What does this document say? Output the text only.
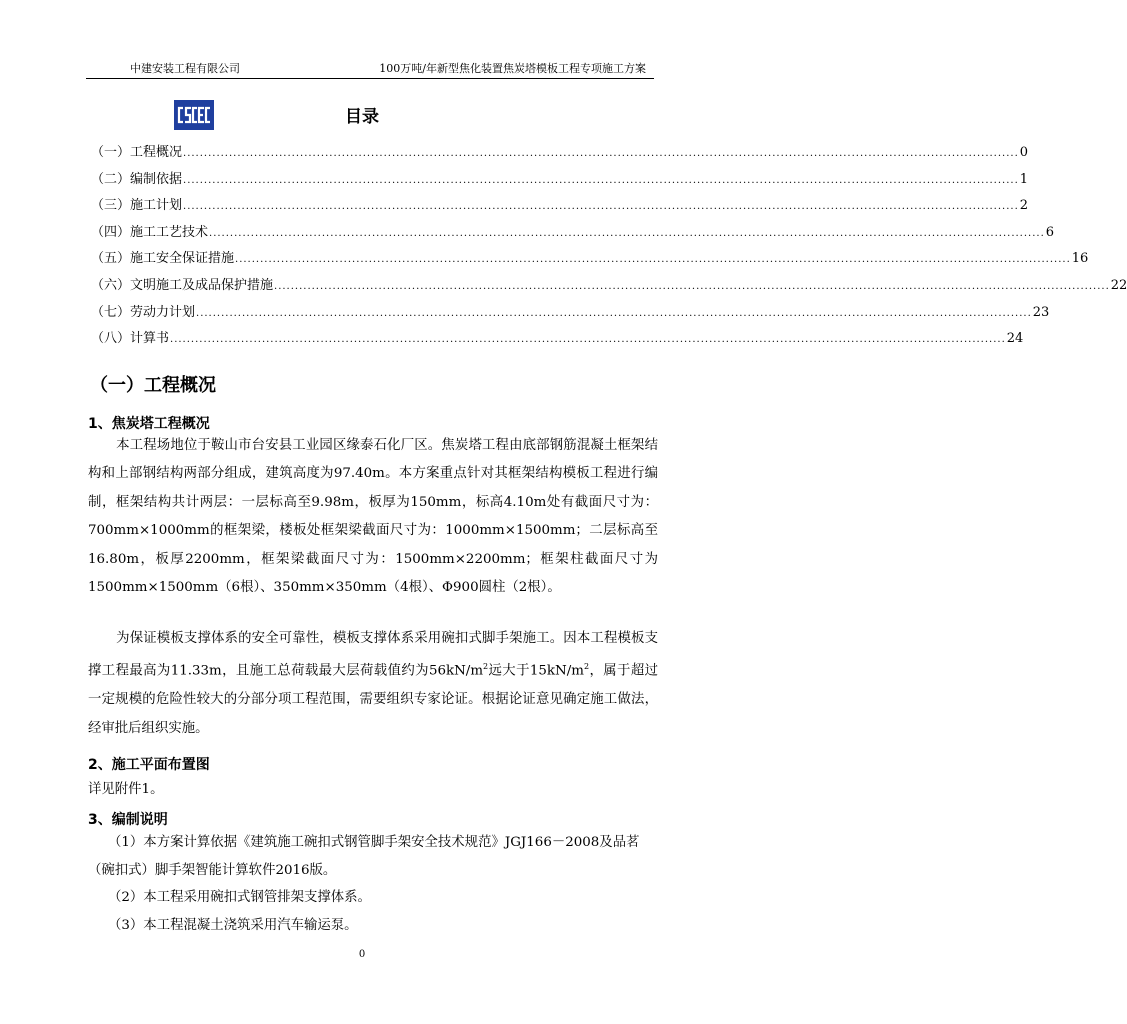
中建安装工程有限公司	100万吨/年新型焦化装置焦炭塔模板工程专项施工方案
目录
（一）工程概况 ........................................................................................................................................................................................................ 0
（二）编制依据 ........................................................................................................................................................................................................ 1
（三）施工计划 ........................................................................................................................................................................................................ 2
（四）施工工艺技术 ........................................................................................................................................................................................................ 6
（五）施工安全保证措施 ........................................................................................................................................................................................................ 16
（六）文明施工及成品保护措施 ........................................................................................................................................................................................................ 22
（七）劳动力计划 ........................................................................................................................................................................................................ 23
（八）计算书 ........................................................................................................................................................................................................ 24
（一）工程概况
1、焦炭塔工程概况
本工程场地位于鞍山市台安县工业园区缘泰石化厂区。焦炭塔工程由底部钢筋混凝土框架结构和上部钢结构两部分组成，建筑高度为97.40m。本方案重点针对其框架结构模板工程进行编制，框架结构共计两层：一层标高至9.98m，板厚为150mm，标高4.10m处有截面尺寸为：700mm×1000mm的框架梁，楼板处框架梁截面尺寸为：1000mm×1500mm；二层标高至16.80m，板厚2200mm，框架梁截面尺寸为：1500mm×2200mm；框架柱截面尺寸为1500mm×1500mm（6根）、350mm×350mm（4根）、Φ900圆柱（2根）。
为保证模板支撑体系的安全可靠性，模板支撑体系采用碗扣式脚手架施工。因本工程模板支撑工程最高为11.33m，且施工总荷载最大层荷载值约为$56kN/m^2$远大于$15kN/m^2$，属于超过一定规模的危险性较大的分部分项工程范围，需要组织专家论证。根据论证意见确定施工做法，经审批后组织实施。
2、施工平面布置图
详见附件1。
3、编制说明

（1）本方案计算依据《建筑施工碗扣式钢管脚手架安全技术规范》JGJ166－2008及品茗（碗扣式）脚手架智能计算软件2016版。

（2）本工程采用碗扣式钢管排架支撑体系。

（3）本工程混凝土浇筑采用汽车输运泵。

0
